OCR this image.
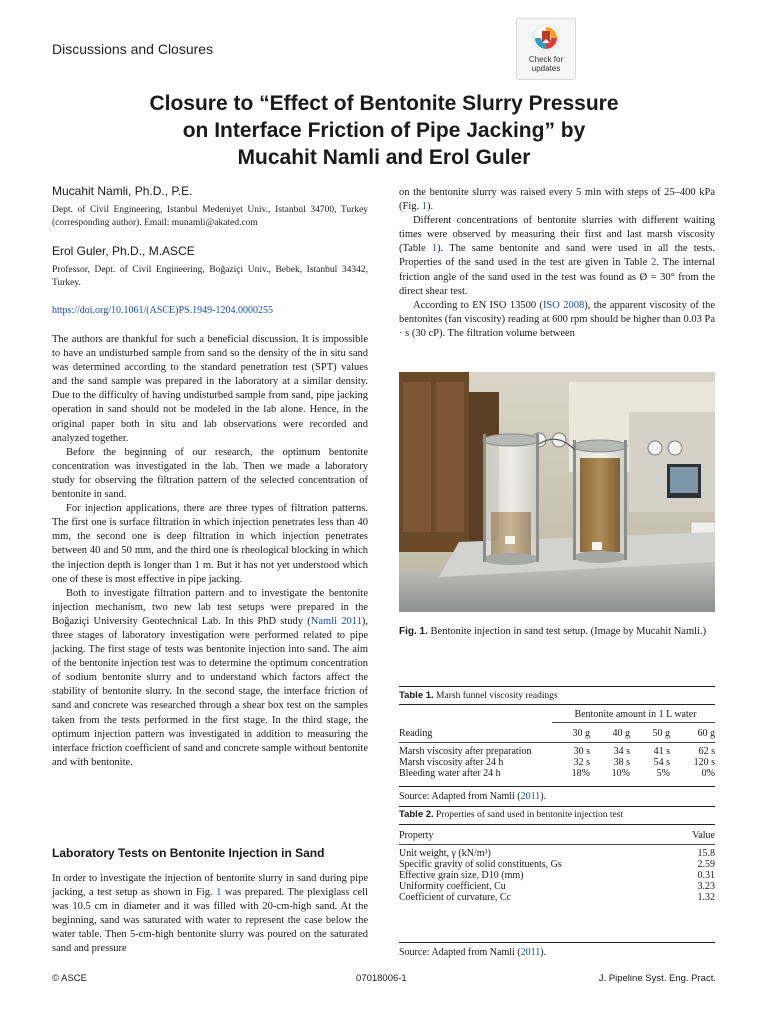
Discussions and Closures
Check for
updates
Closure to “Effect of Bentonite Slurry Pressure
on Interface Friction of Pipe Jacking” by
Mucahit Namli and Erol Guler
Mucahit Namli, Ph.D., P.E.
Dept. of Civil Engineering, Istanbul Medeniyet Univ., Istanbul 34700, Turkey (corresponding author). Email: munamli@akated.com
Erol Guler, Ph.D., M.ASCE
Professor, Dept. of Civil Engineering, Boğaziçi Univ., Bebek, Istanbul 34342, Turkey.
https://doi.org/10.1061/(ASCE)PS.1949-1204.0000255

The authors are thankful for such a beneficial discussion. It is impossible to have an undisturbed sample from sand so the density of the in situ sand was determined according to the standard penetration test (SPT) values and the sand sample was prepared in the laboratory at a similar density. Due to the difficulty of having undisturbed sample from sand, pipe jacking operation in sand should not be modeled in the lab alone. Hence, in the original paper both in situ and lab observations were recorded and analyzed together.

Before the beginning of our research, the optimum bentonite concentration was investigated in the lab. Then we made a laboratory study for observing the filtration pattern of the selected concentration of bentonite in sand.

For injection applications, there are three types of filtration patterns. The first one is surface filtration in which injection penetrates less than 40 mm, the second one is deep filtration in which injection penetrates between 40 and 50 mm, and the third one is rheological blocking in which the injection depth is longer than 1 m. But it has not yet understood which one of these is most effective in pipe jacking.

Both to investigate filtration pattern and to investigate the bentonite injection mechanism, two new lab test setups were prepared in the Boğaziçi University Geotechnical Lab. In this PhD study (Namli 2011), three stages of laboratory investigation were performed related to pipe jacking. The first stage of tests was bentonite injection into sand. The aim of the bentonite injection test was to determine the optimum concentration of sodium bentonite slurry and to understand which factors affect the stability of bentonite slurry. In the second stage, the interface friction of sand and concrete was researched through a shear box test on the samples taken from the tests performed in the first stage. In the third stage, the optimum injection pattern was investigated in addition to measuring the interface friction coefficient of sand and concrete sample without bentonite and with bentonite.

Laboratory Tests on Bentonite Injection in Sand

In order to investigate the injection of bentonite slurry in sand during pipe jacking, a test setup as shown in Fig. 1 was prepared. The plexiglass cell was 10.5 cm in diameter and it was filled with 20-cm-high sand. At the beginning, sand was saturated with water to represent the case below the water table. Then 5-cm-high bentonite slurry was poured on the saturated sand and pressure

on the bentonite slurry was raised every 5 min with steps of 25–400 kPa (Fig. 1).

Different concentrations of bentonite slurries with different waiting times were observed by measuring their first and last marsh viscosity (Table 1). The same bentonite and sand were used in all the tests. Properties of the sand used in the test are given in Table 2. The internal friction angle of the sand used in the test was found as Ø = 30° from the direct shear test.

According to EN ISO 13500 (ISO 2008), the apparent viscosity of the bentonites (fan viscosity) reading at 600 rpm should be higher than 0.03 Pa · s (30 cP). The filtration volume between

Fig. 1. Bentonite injection in sand test setup. (Image by Mucahit Namli.)
Table 1. Marsh funnel viscosity readings
Bentonite amount in 1 L water
Reading	30 g	40 g	50 g	60 g

Marsh viscosity after preparation	30 s	34 s	41 s	62 s
Marsh viscosity after 24 h	32 s	38 s	54 s	120 s
Bleeding water after 24 h	18%	10%	5%	0%
Source: Adapted from Namli (2011).
Table 2. Properties of sand used in bentonite injection test
Property	Value

Unit weight, γ (kN/m³)	15.8
Specific gravity of solid constituents, Gs	2.59
Effective grain size, D10 (mm)	0.31
Uniformity coefficient, Cu	3.23
Coefficient of curvature, Cc	1.32
Source: Adapted from Namli (2011).
© ASCE	07018006-1	J. Pipeline Syst. Eng. Pract.
